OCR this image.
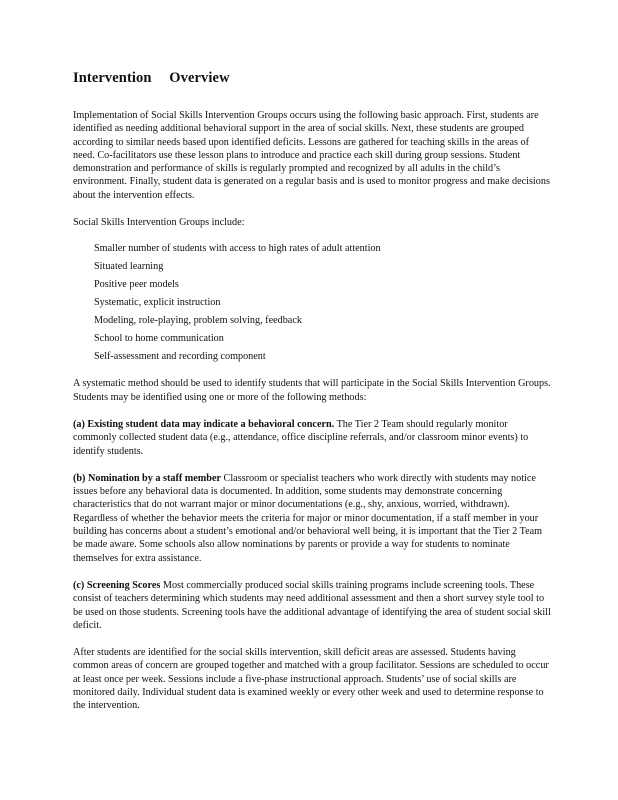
Intervention Overview

Implementation of Social Skills Intervention Groups occurs using the following basic approach. First, students are identified as needing additional behavioral support in the area of social skills. Next, these students are grouped according to similar needs based upon identified deficits. Lessons are gathered for teaching skills in the areas of need. Co-facilitators use these lesson plans to introduce and practice each skill during group sessions. Student demonstration and performance of skills is regularly prompted and recognized by all adults in the child’s environment. Finally, student data is generated on a regular basis and is used to monitor progress and make decisions about the intervention effects.

Social Skills Intervention Groups include:

Smaller number of students with access to high rates of adult attention
Situated learning
Positive peer models
Systematic, explicit instruction
Modeling, role-playing, problem solving, feedback
School to home communication
Self-assessment and recording component

A systematic method should be used to identify students that will participate in the Social Skills Intervention Groups. Students may be identified using one or more of the following methods:

(a) Existing student data may indicate a behavioral concern. The Tier 2 Team should regularly monitor commonly collected student data (e.g., attendance, office discipline referrals, and/or classroom minor events) to identify students.

(b) Nomination by a staff member Classroom or specialist teachers who work directly with students may notice issues before any behavioral data is documented. In addition, some students may demonstrate concerning characteristics that do not warrant major or minor documentations (e.g., shy, anxious, worried, withdrawn). Regardless of whether the behavior meets the criteria for major or minor documentation, if a staff member in your building has concerns about a student’s emotional and/or behavioral well being, it is important that the Tier 2 Team be made aware. Some schools also allow nominations by parents or provide a way for students to nominate themselves for extra assistance.

(c) Screening Scores Most commercially produced social skills training programs include screening tools. These consist of teachers determining which students may need additional assessment and then a short survey style tool to be used on those students. Screening tools have the additional advantage of identifying the area of student social skill deficit.

After students are identified for the social skills intervention, skill deficit areas are assessed. Students having common areas of concern are grouped together and matched with a group facilitator. Sessions are scheduled to occur at least once per week. Sessions include a five-phase instructional approach. Students’ use of social skills are monitored daily. Individual student data is examined weekly or every other week and used to determine response to the intervention.
